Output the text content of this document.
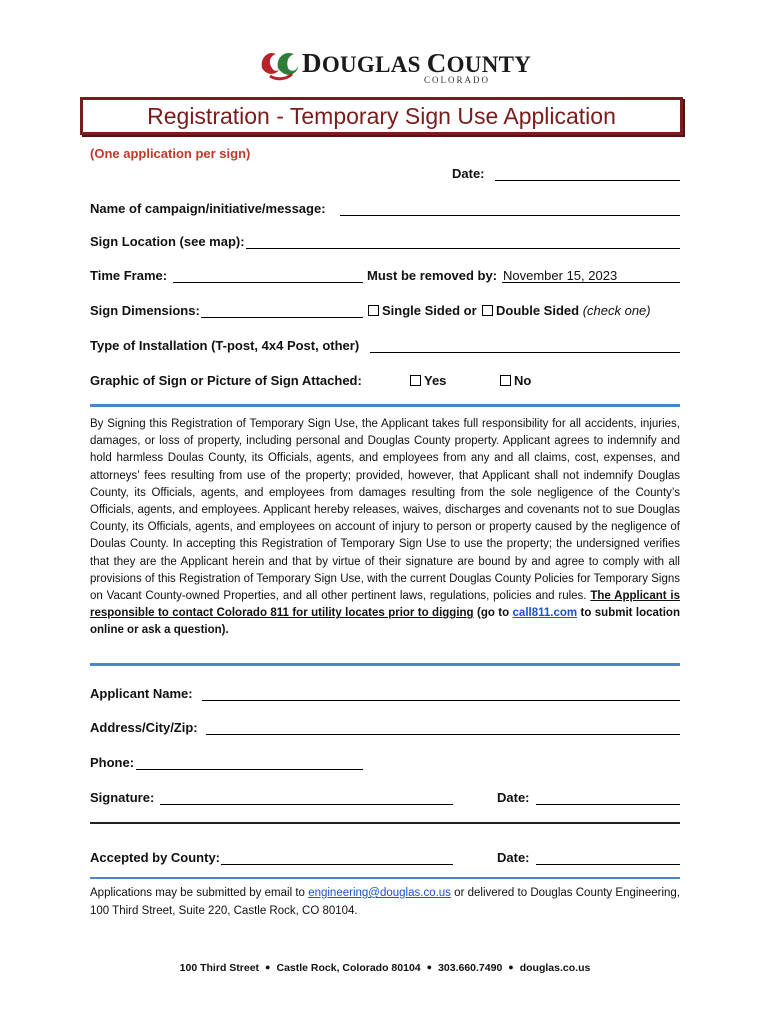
DOUGLAS COUNTY
COLORADO
Registration - Temporary Sign Use Application
(One application per sign)
Date:
Name of campaign/initiative/message:
Sign Location (see map):
Time Frame:	Must be removed by: November 15, 2023
Sign Dimensions:	Single Sided or	Double Sided (check one)
Type of Installation (T-post, 4x4 Post, other)
Graphic of Sign or Picture of Sign Attached:	Yes	No
By Signing this Registration of Temporary Sign Use, the Applicant takes full responsibility for all accidents, injuries, damages, or loss of property, including personal and Douglas County property. Applicant agrees to indemnify and hold harmless Doulas County, its Officials, agents, and employees from any and all claims, cost, expenses, and attorneys’ fees resulting from use of the property; provided, however, that Applicant shall not indemnify Douglas County, its Officials, agents, and employees from damages resulting from the sole negligence of the County’s Officials, agents, and employees. Applicant hereby releases, waives, discharges and covenants not to sue Douglas County, its Officials, agents, and employees on account of injury to person or property caused by the negligence of Doulas County. In accepting this Registration of Temporary Sign Use to use the property; the undersigned verifies that they are the Applicant herein and that by virtue of their signature are bound by and agree to comply with all provisions of this Registration of Temporary Sign Use, with the current Douglas County Policies for Temporary Signs on Vacant County-owned Properties, and all other pertinent laws, regulations, policies and rules. The Applicant is responsible to contact Colorado 811 for utility locates prior to digging (go to call811.com to submit location online or ask a question).
Applicant Name:
Address/City/Zip:
Phone:
Signature:	Date:
Accepted by County:	Date:
Applications may be submitted by email to engineering@douglas.co.us or delivered to Douglas County Engineering, 100 Third Street, Suite 220, Castle Rock, CO 80104.
100 Third Street ● Castle Rock, Colorado 80104 ● 303.660.7490 ● douglas.co.us
